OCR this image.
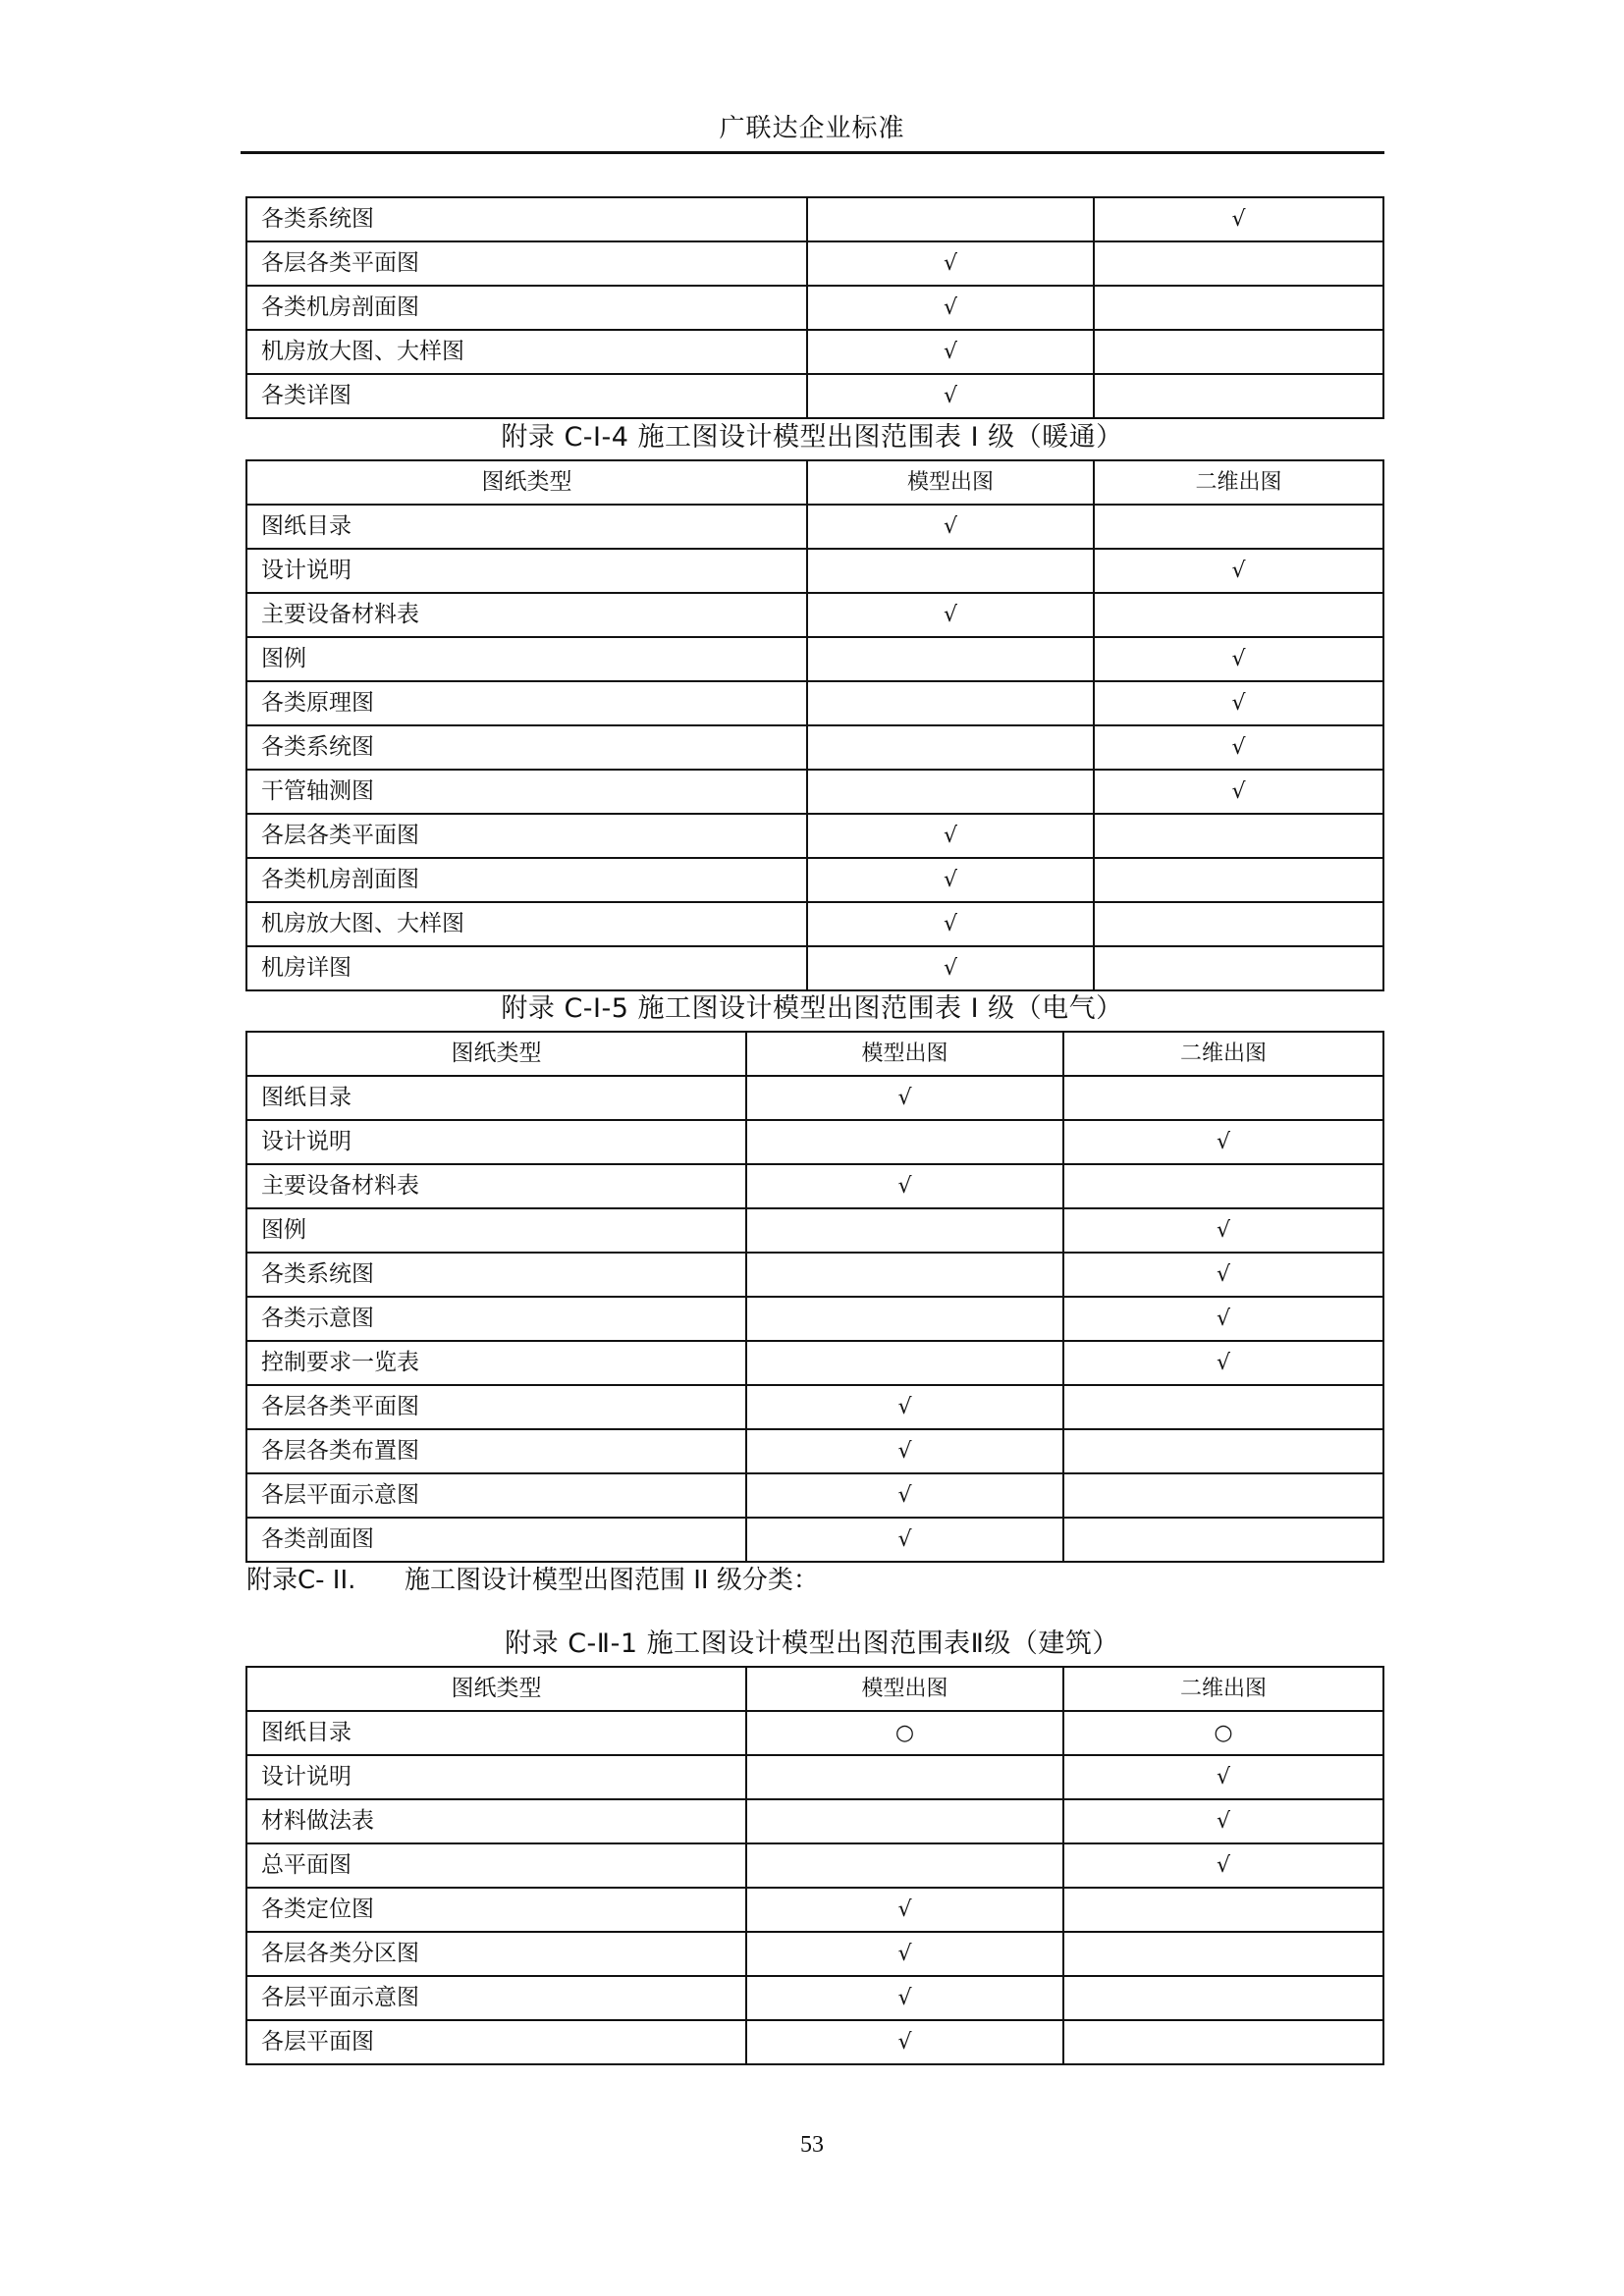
广联达企业标准
各类系统图		√
各层各类平面图	√	
各类机房剖面图	√	
机房放大图、大样图	√	
各类详图	√	
附录 C-I-4 施工图设计模型出图范围表 I 级（暖通）
图纸类型	模型出图	二维出图
图纸目录	√	
设计说明		√
主要设备材料表	√	
图例		√
各类原理图		√
各类系统图		√
干管轴测图		√
各层各类平面图	√	
各类机房剖面图	√	
机房放大图、大样图	√	
机房详图	√	
附录 C-I-5 施工图设计模型出图范围表 I 级（电气）
图纸类型	模型出图	二维出图
图纸目录	√	
设计说明		√
主要设备材料表	√	
图例		√
各类系统图		√
各类示意图		√
控制要求一览表		√
各层各类平面图	√	
各层各类布置图	√	
各层平面示意图	√	
各类剖面图	√	
附录C- II.      施工图设计模型出图范围 II 级分类：
附录 C-Ⅱ-1 施工图设计模型出图范围表Ⅱ级（建筑）
图纸类型	模型出图	二维出图
图纸目录	○	○
设计说明		√
材料做法表		√
总平面图		√
各类定位图	√	
各层各类分区图	√	
各层平面示意图	√	
各层平面图	√	
53
